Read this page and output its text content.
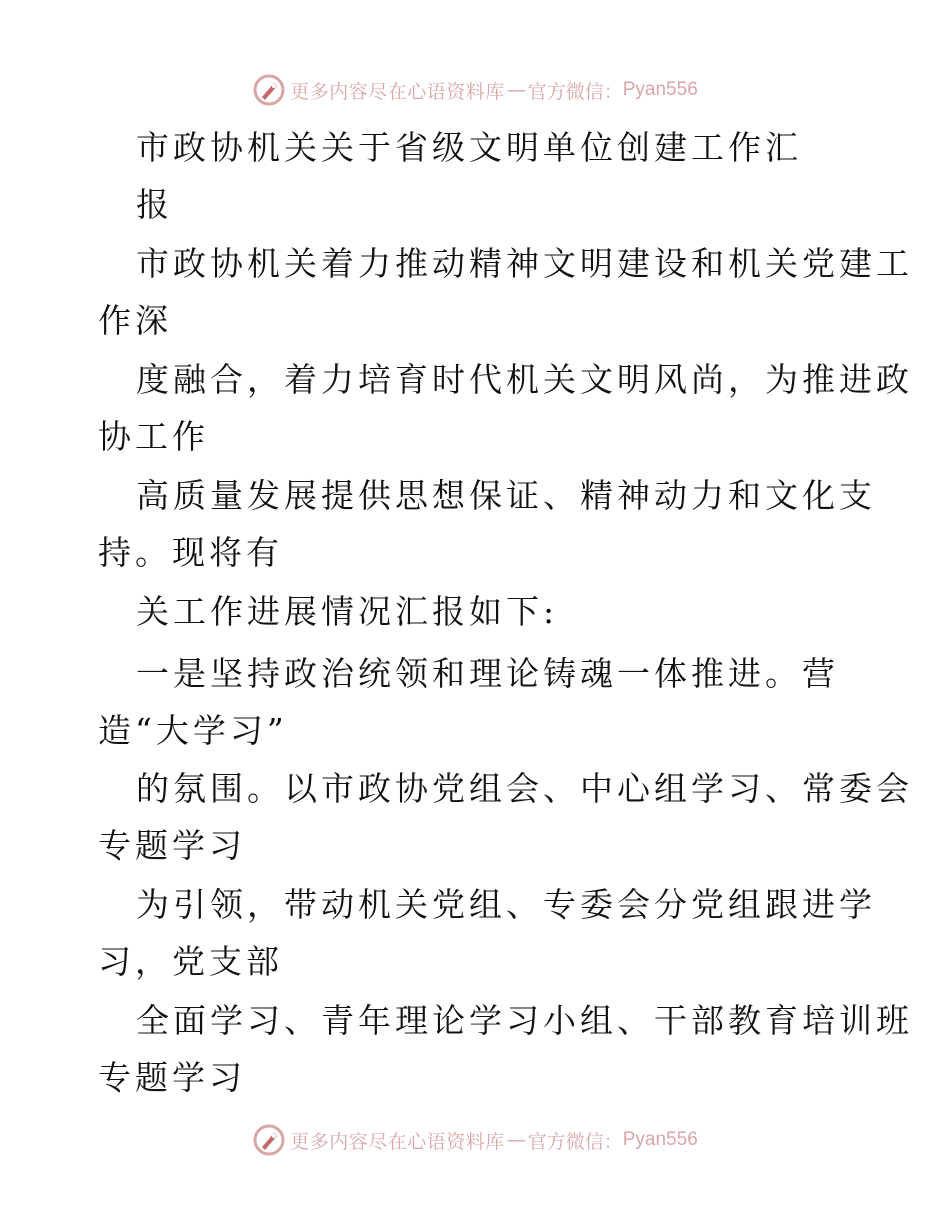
更多内容尽在心语资料库 — 官方微信： Pyan556
市政协机关关于省级文明单位创建工作汇
报
市政协机关着力推动精神文明建设和机关党建工
作深
度融合，着力培育时代机关文明风尚，为推进政
协工作
高质量发展提供思想保证、精神动力和文化支
持。现将有
关工作进展情况汇报如下:
一是坚持政治统领和理论铸魂一体推进。营
造“大学习”
的氛围。以市政协党组会、中心组学习、常委会
专题学习
为引领，带动机关党组、专委会分党组跟进学
习，党支部
全面学习、青年理论学习小组、干部教育培训班
专题学习
更多内容尽在心语资料库 — 官方微信： Pyan556
